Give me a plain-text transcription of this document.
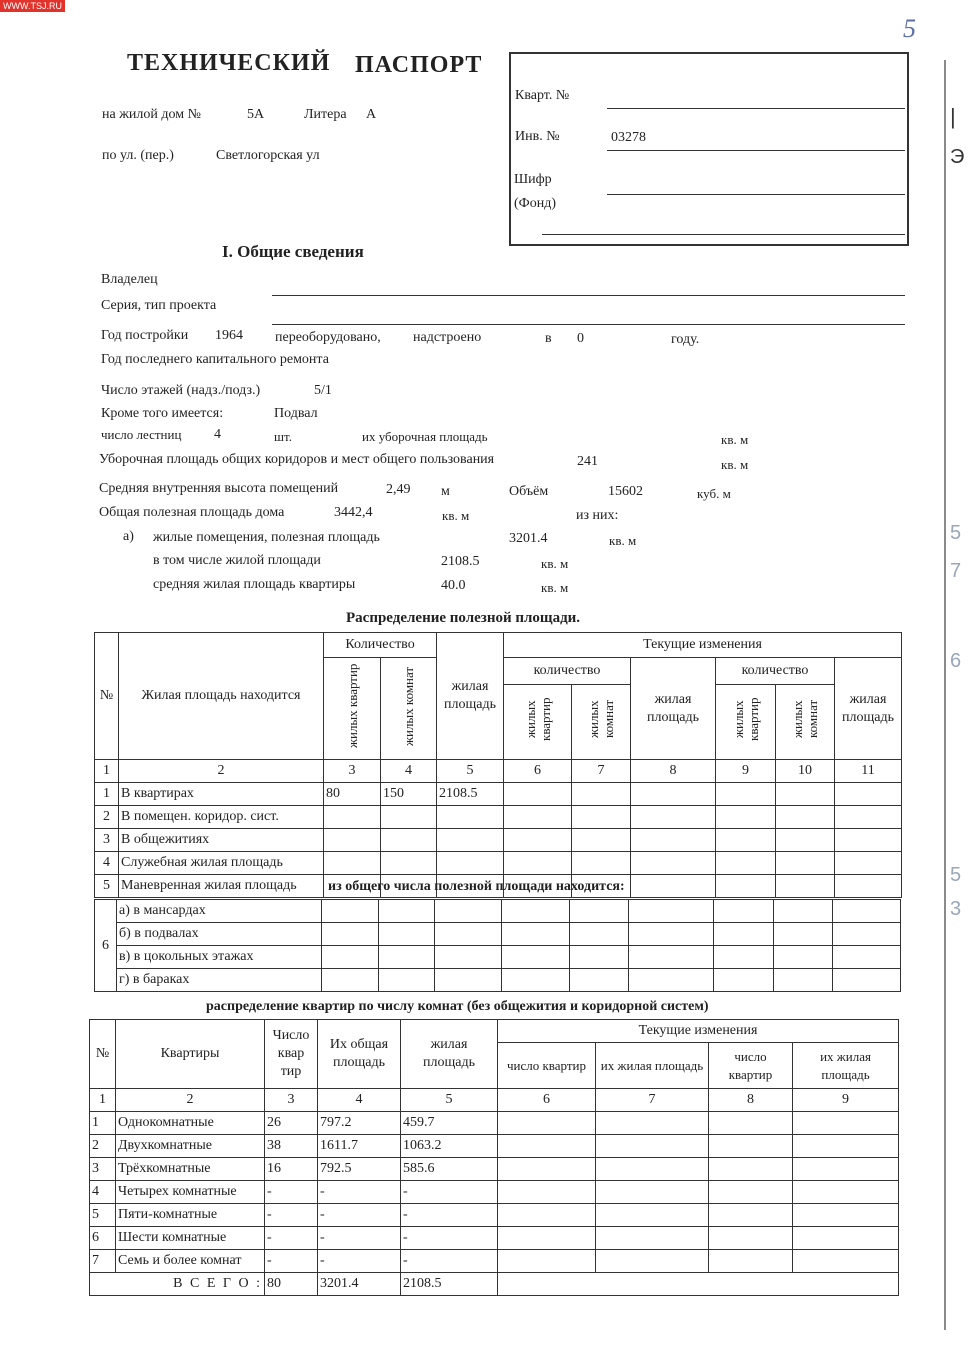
WWW.TSJ.RU
5
|
Э
5
7
6
5
3
ТЕХНИЧЕСКИЙ ПАСПОРТ
на жилой дом №	5А	Литера А
по ул. (пер.)	Светлогорская ул
Кварт. №
Инв. №	03278
Шифр
(Фонд)
I. Общие сведения
Владелец
Серия, тип проекта
Год постройки 1964 переоборудовано, надстроено	в 0	году.
Год последнего капитального ремонта
Число этажей (надз./подз.)	5/1
Кроме того имеется:	Подвал
число лестниц 4	шт.	их уборочная площадь	кв. м
Уборочная площадь общих коридоров и мест общего пользования	241	кв. м
Средняя внутренняя высота помещений	2,49 м	Объём	15602	куб. м
Общая полезная площадь дома	3442,4	кв. м	из них:
а) жилые помещения, полезная площадь	3201.4	кв. м
в том числе жилой площади	2108.5	кв. м
средняя жилая площадь квартиры	40.0	кв. м
Распределение полезной площади.
№	Жилая площадь находится	Количество		жилая площадь	Текущие изменения					
		жилых квартир	жилых комнат		количество		жилая площадь	количество		жилая площадь
					жилых квартир	жилых комнат		жилых квартир	жилых комнат	
1	2	3	4	5	6	7	8	9	10	11
1	В квартирах	80	150	2108.5						
2	В помещен. коридор. сист.									
3	В общежитиях									
4	Служебная жилая площадь									
5	Маневренная жилая площадь									из общего числа полезной площади находится:
6	а) в мансардах									
	б) в подвалах									
	в) в цокольных этажах									
	г) в бараках									
распределение квартир по числу комнат (без общежития и коридорной систем)
№	Квартиры	Число квар тир	Их общая площадь	жилая площадь	Текущие изменения			
					число квартир	их жилая площадь	число квартир	их жилая площадь
1	2	3	4	5	6	7	8	9
1	Однокомнатные	26	797.2	459.7				
2	Двухкомнатные	38	1611.7	1063.2				
3	Трёхкомнатные	16	792.5	585.6				
4	Четырех комнатные	-	-	-				
5	Пяти-комнатные	-	-	-				
6	Шести комнатные	-	-	-				
7	Семь и более комнат	-	-	-				
В С Е Г О :		80	3201.4	2108.5				
